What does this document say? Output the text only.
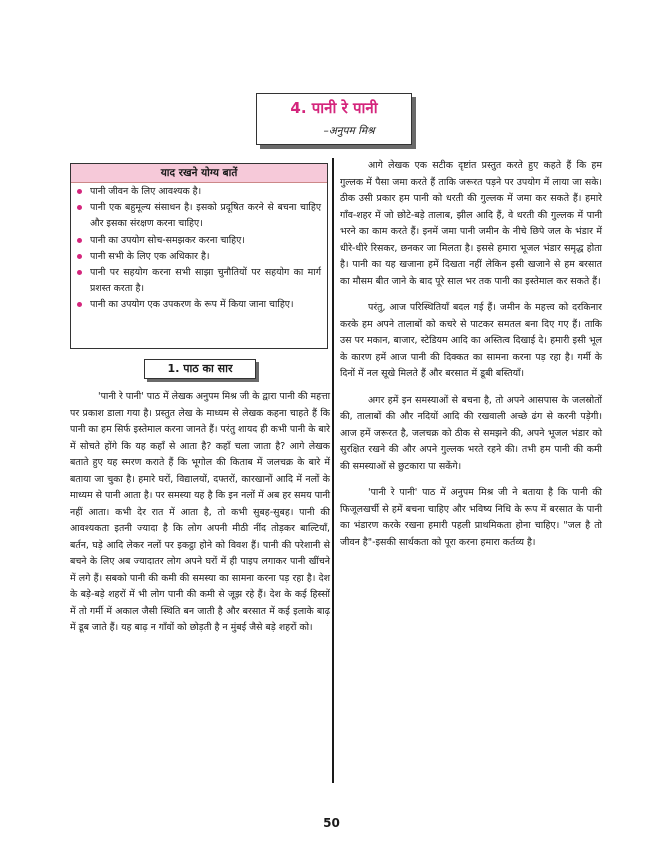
4. पानी रे पानी
–अनुपम मिश्र
याद रखने योग्य बातें
पानी जीवन के लिए आवश्यक है।
पानी एक बहुमूल्य संसाधन है। इसको प्रदूषित करने से बचना चाहिए और इसका संरक्षण करना चाहिए।
पानी का उपयोग सोच-समझकर करना चाहिए।
पानी सभी के लिए एक अधिकार है।
पानी पर सहयोग करना सभी साझा चुनौतियों पर सहयोग का मार्ग प्रशस्त करता है।
पानी का उपयोग एक उपकरण के रूप में किया जाना चाहिए।
1. पाठ का सार

'पानी रे पानी' पाठ में लेखक अनुपम मिश्र जी के द्वारा पानी की महत्ता पर प्रकाश डाला गया है। प्रस्तुत लेख के माध्यम से लेखक कहना चाहते हैं कि पानी का हम सिर्फ इस्तेमाल करना जानते हैं। परंतु शायद ही कभी पानी के बारे में सोचते होंगे कि यह कहाँ से आता है? कहाँ चला जाता है? आगे लेखक बताते हुए यह स्मरण कराते हैं कि भूगोल की किताब में जलचक्र के बारे में बताया जा चुका है। हमारे घरों, विद्यालयों, दफ्तरों, कारखानों आदि में नलों के माध्यम से पानी आता है। पर समस्या यह है कि इन नलों में अब हर समय पानी नहीं आता। कभी देर रात में आता है, तो कभी सुबह-सुबह। पानी की आवश्यकता इतनी ज्यादा है कि लोग अपनी मीठी नींद तोड़कर बाल्टियाँ, बर्तन, घड़े आदि लेकर नलों पर इकट्ठा होने को विवश हैं। पानी की परेशानी से बचने के लिए अब ज्यादातर लोग अपने घरों में ही पाइप लगाकर पानी खींचने में लगे हैं। सबको पानी की कमी की समस्या का सामना करना पड़ रहा है। देश के बड़े-बड़े शहरों में भी लोग पानी की कमी से जूझ रहे हैं। देश के कई हिस्सों में तो गर्मी में अकाल जैसी स्थिति बन जाती है और बरसात में कई इलाके बाढ़ में डूब जाते हैं। यह बाढ़ न गाँवों को छोड़ती है न मुंबई जैसे बड़े शहरों को।

आगे लेखक एक सटीक दृष्टांत प्रस्तुत करते हुए कहते हैं कि हम गुल्लक में पैसा जमा करते हैं ताकि जरूरत पड़ने पर उपयोग में लाया जा सके। ठीक उसी प्रकार हम पानी को धरती की गुल्लक में जमा कर सकते हैं। हमारे गाँव-शहर में जो छोटे-बड़े तालाब, झील आदि हैं, वे धरती की गुल्लक में पानी भरने का काम करते हैं। इनमें जमा पानी जमीन के नीचे छिपे जल के भंडार में धीरे-धीरे रिसकर, छनकर जा मिलता है। इससे हमारा भूजल भंडार समृद्ध होता है। पानी का यह खजाना हमें दिखता नहीं लेकिन इसी खजाने से हम बरसात का मौसम बीत जाने के बाद पूरे साल भर तक पानी का इस्तेमाल कर सकते हैं।

परंतु, आज परिस्थितियाँ बदल गई हैं। जमीन के महत्त्व को दरकिनार करके हम अपने तालाबों को कचरे से पाटकर समतल बना दिए गए हैं। ताकि उस पर मकान, बाजार, स्टेडियम आदि का अस्तित्व दिखाई दे। हमारी इसी भूल के कारण हमें आज पानी की दिक्कत का सामना करना पड़ रहा है। गर्मी के दिनों में नल सूखे मिलते हैं और बरसात में डूबी बस्तियाँ।

अगर हमें इन समस्याओं से बचना है, तो अपने आसपास के जलस्रोतों की, तालाबों की और नदियों आदि की रखवाली अच्छे ढंग से करनी पड़ेगी। आज हमें जरूरत है, जलचक्र को ठीक से समझने की, अपने भूजल भंडार को सुरक्षित रखने की और अपने गुल्लक भरते रहने की। तभी हम पानी की कमी की समस्याओं से छुटकारा पा सकेंगे।

'पानी रे पानी' पाठ में अनुपम मिश्र जी ने बताया है कि पानी की फिजूलखर्ची से हमें बचना चाहिए और भविष्य निधि के रूप में बरसात के पानी का भंडारण करके रखना हमारी पहली प्राथमिकता होना चाहिए। "जल है तो जीवन है"-इसकी सार्थकता को पूरा करना हमारा कर्तव्य है।

50
